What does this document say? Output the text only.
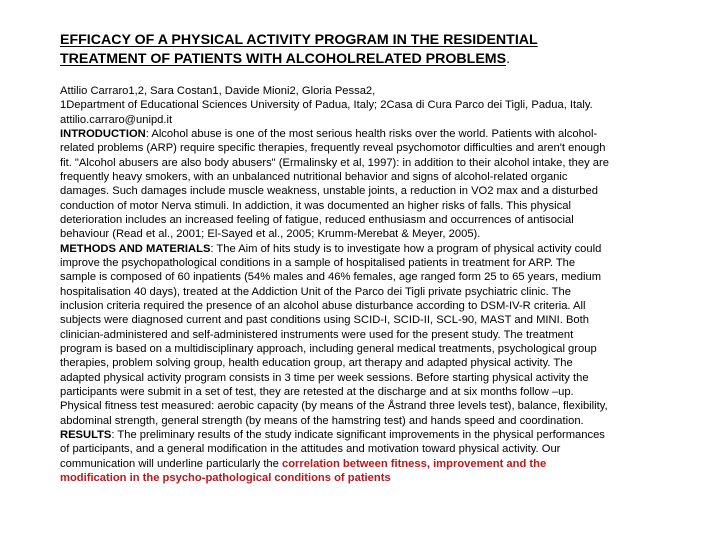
EFFICACY OF A PHYSICAL ACTIVITY PROGRAM IN THE RESIDENTIAL
TREATMENT OF PATIENTS WITH ALCOHOLRELATED PROBLEMS.
Attilio Carraro1,2, Sara Costan1, Davide Mioni2, Gloria Pessa2,
1Department of Educational Sciences University of Padua, Italy; 2Casa di Cura Parco dei Tigli, Padua, Italy.
attilio.carraro@unipd.it
INTRODUCTION: Alcohol abuse is one of the most serious health risks over the world. Patients with alcohol-
related problems (ARP) require specific therapies, frequently reveal psychomotor difficulties and aren't enough
fit. "Alcohol abusers are also body abusers" (Ermalinsky et al, 1997): in addition to their alcohol intake, they are
frequently heavy smokers, with an unbalanced nutritional behavior and signs of alcohol-related organic
damages. Such damages include muscle weakness, unstable joints, a reduction in VO2 max and a disturbed
conduction of motor Nerva stimuli. In addiction, it was documented an higher risks of falls. This physical
deterioration includes an increased feeling of fatigue, reduced enthusiasm and occurrences of antisocial
behaviour (Read et al., 2001; El-Sayed et al., 2005; Krumm-Merebat & Meyer, 2005).
METHODS AND MATERIALS: The Aim of hits study is to investigate how a program of physical activity could
improve the psychopathological conditions in a sample of hospitalised patients in treatment for ARP. The
sample is composed of 60 inpatients (54% males and 46% females, age ranged form 25 to 65 years, medium
hospitalisation 40 days), treated at the Addiction Unit of the Parco dei Tigli private psychiatric clinic. The
inclusion criteria required the presence of an alcohol abuse disturbance according to DSM-IV-R criteria. All
subjects were diagnosed current and past conditions using SCID-I, SCID-II, SCL-90, MAST and MINI. Both
clinician-administered and self-administered instruments were used for the present study. The treatment
program is based on a multidisciplinary approach, including general medical treatments, psychological group
therapies, problem solving group, health education group, art therapy and adapted physical activity. The
adapted physical activity program consists in 3 time per week sessions. Before starting physical activity the
participants were submit in a set of test, they are retested at the discharge and at six months follow –up.
Physical fitness test measured: aerobic capacity (by means of the Åstrand three levels test), balance, flexibility,
abdominal strength, general strength (by means of the hamstring test) and hands speed and coordination.
RESULTS: The preliminary results of the study indicate significant improvements in the physical performances
of participants, and a general modification in the attitudes and motivation toward physical activity. Our
communication will underline particularly the correlation between fitness, improvement and the
modification in the psycho-pathological conditions of patients
